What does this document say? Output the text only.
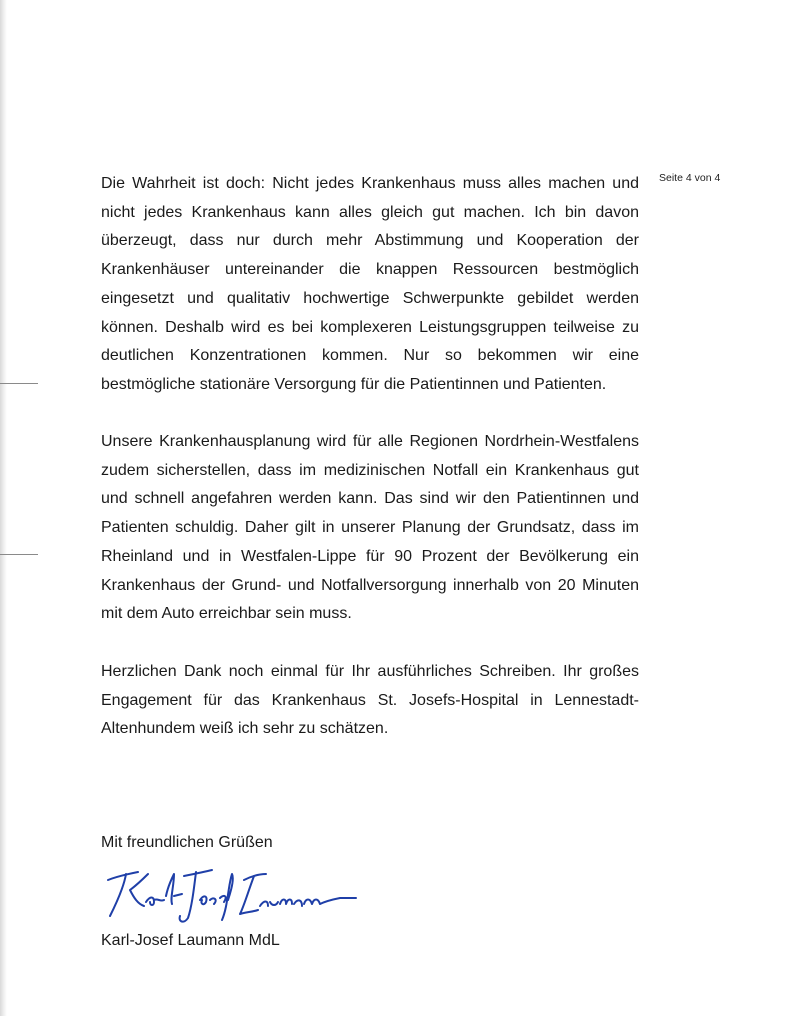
Seite 4 von 4

Die Wahrheit ist doch: Nicht jedes Krankenhaus muss alles machen und nicht jedes Krankenhaus kann alles gleich gut machen. Ich bin davon überzeugt, dass nur durch mehr Abstimmung und Kooperation der Krankenhäuser untereinander die knappen Ressourcen bestmöglich eingesetzt und qualitativ hochwertige Schwerpunkte gebildet werden können. Deshalb wird es bei komplexeren Leistungsgruppen teilweise zu deutlichen Konzentrationen kommen. Nur so bekommen wir eine bestmögliche stationäre Versorgung für die Patientinnen und Patienten.

Unsere Krankenhausplanung wird für alle Regionen Nordrhein-Westfalens zudem sicherstellen, dass im medizinischen Notfall ein Krankenhaus gut und schnell angefahren werden kann. Das sind wir den Patientinnen und Patienten schuldig. Daher gilt in unserer Planung der Grundsatz, dass im Rheinland und in Westfalen-Lippe für 90 Prozent der Bevölkerung ein Krankenhaus der Grund- und Notfallversorgung innerhalb von 20 Minuten mit dem Auto erreichbar sein muss.

Herzlichen Dank noch einmal für Ihr ausführliches Schreiben. Ihr großes Engagement für das Krankenhaus St. Josefs-Hospital in Lennestadt-Altenhundem weiß ich sehr zu schätzen.

Mit freundlichen Grüßen

Karl-Josef Laumann MdL
